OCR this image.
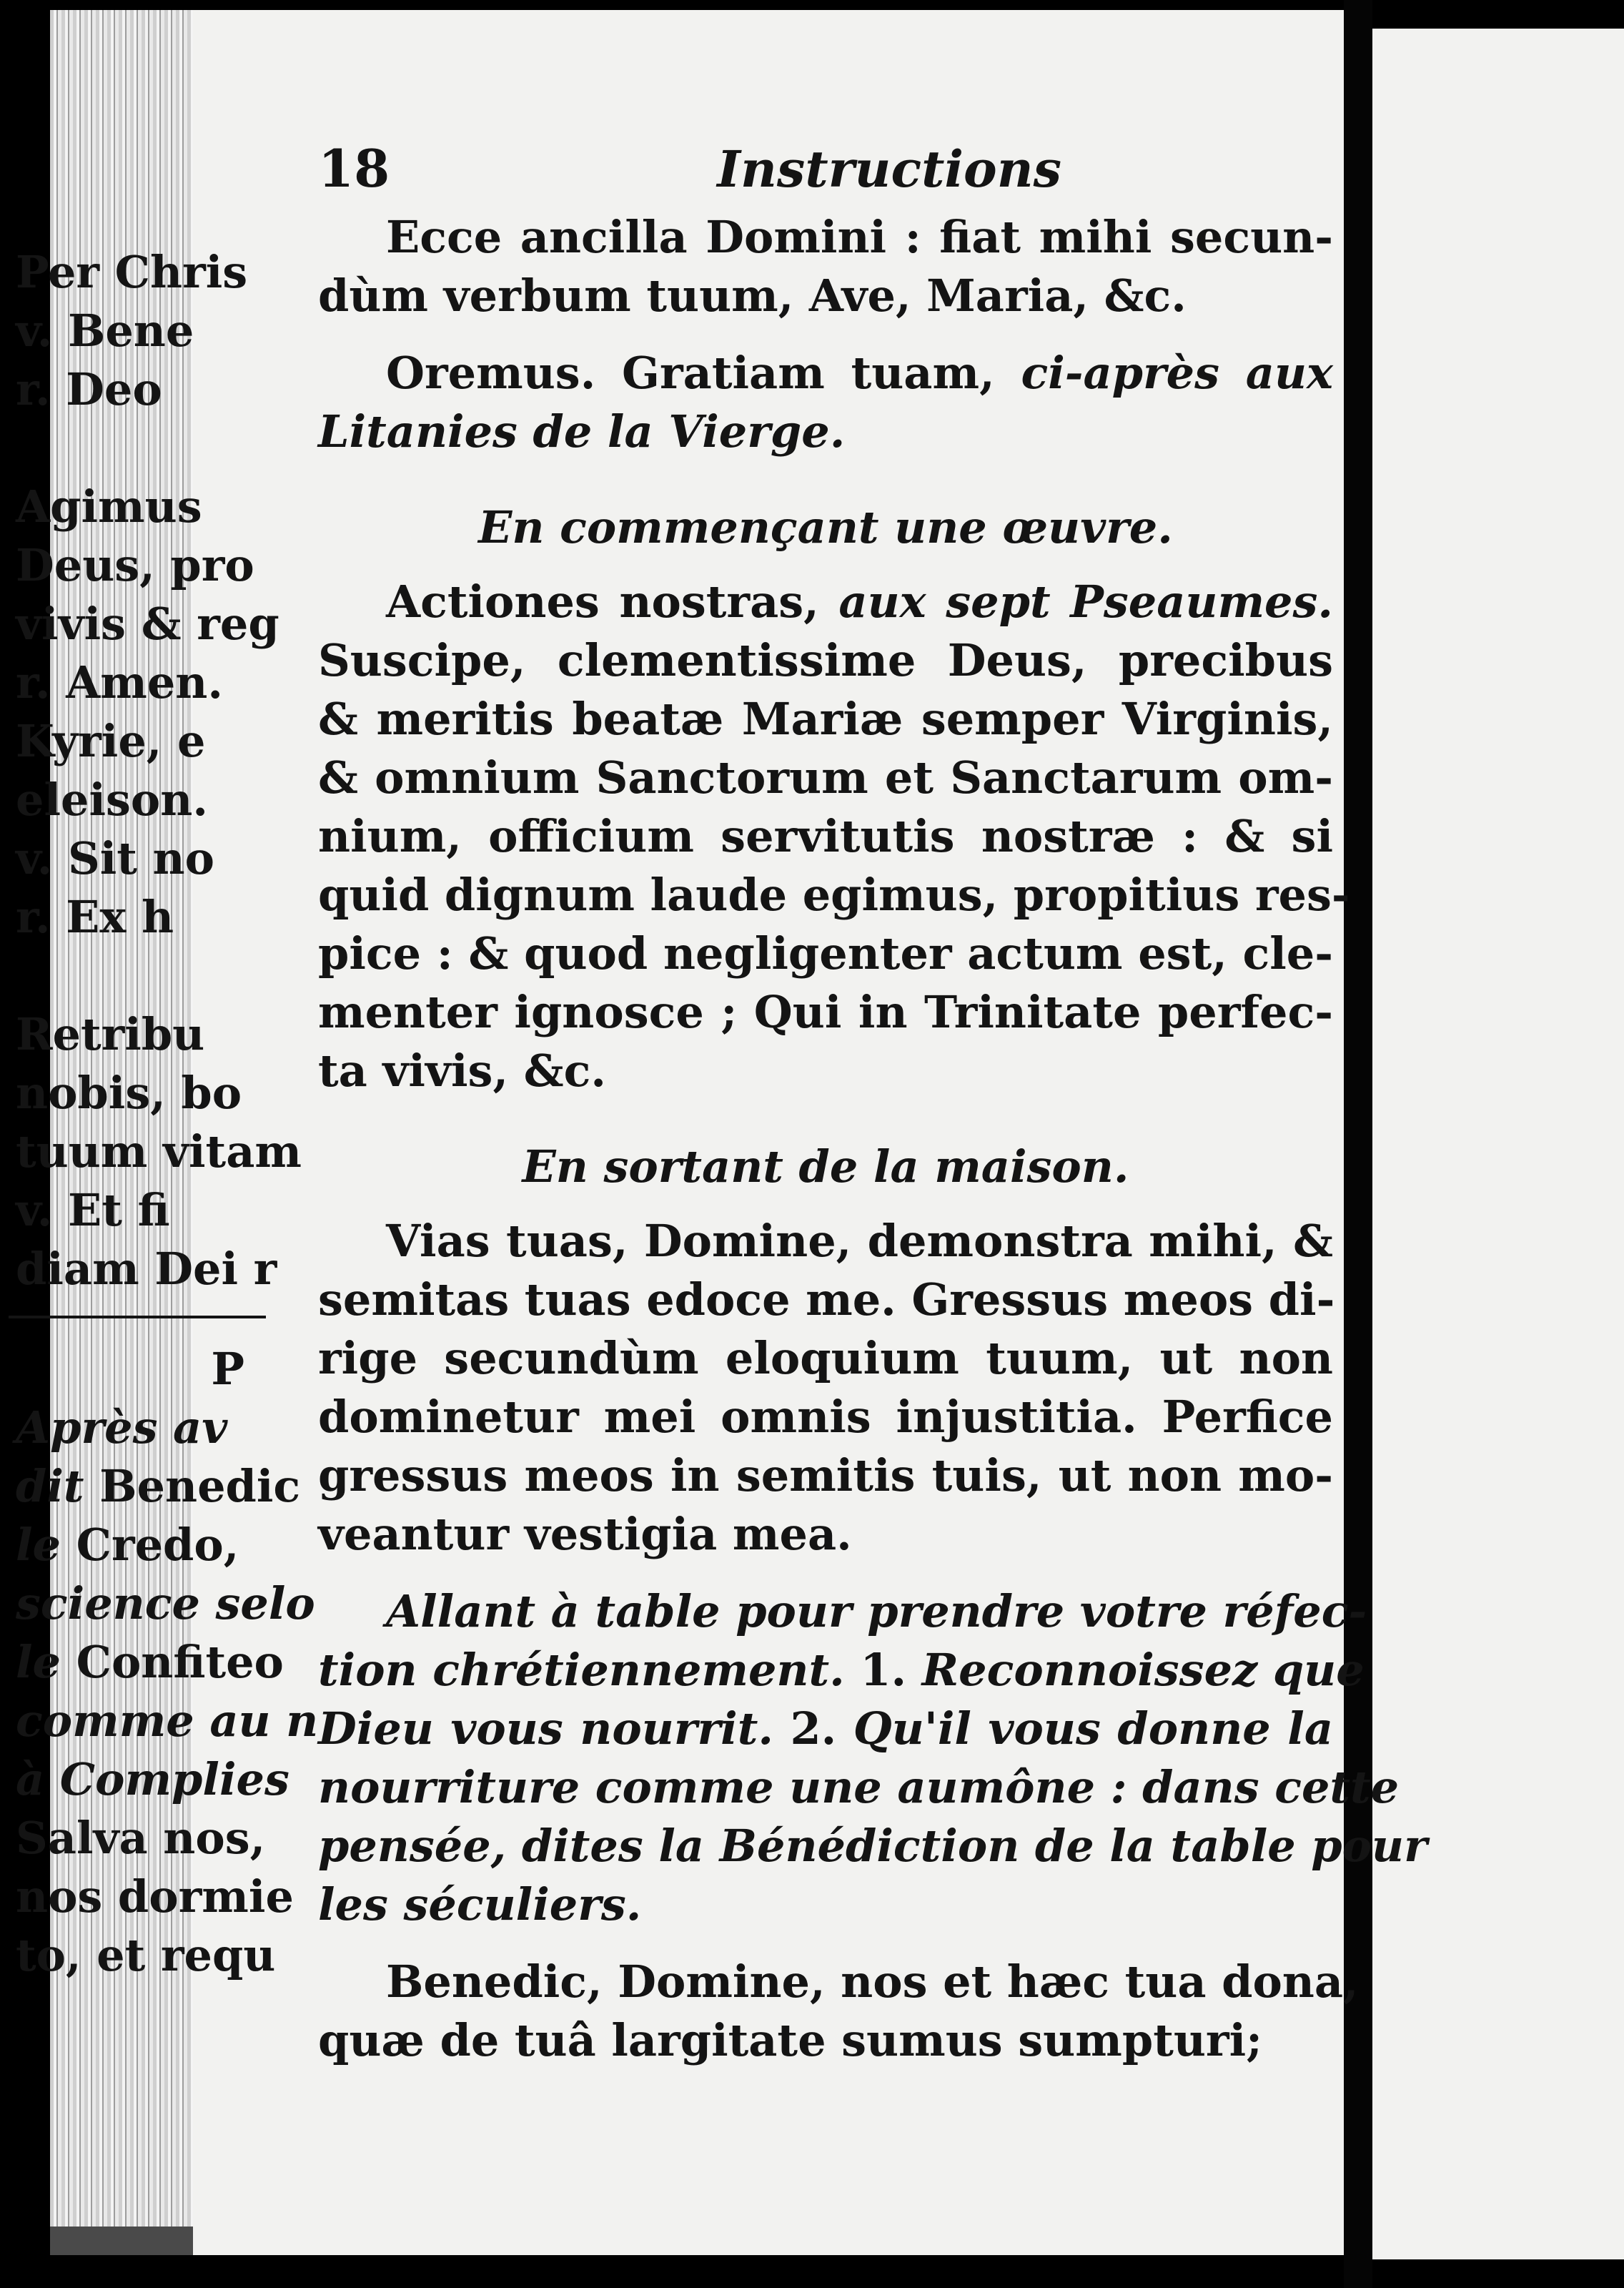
18	Instructions
Ecce ancilla Domini : fiat mihi secun-
dùm verbum tuum, Ave, Maria, &c.
Oremus. Gratiam tuam, ci-après aux
Litanies de la Vierge.
En commençant une œuvre.
Actiones nostras, aux sept Pseaumes.
Suscipe, clementissime Deus, precibus
& meritis beatæ Mariæ semper Virginis,
& omnium Sanctorum et Sanctarum om-
nium, officium servitutis nostræ : & si
quid dignum laude egimus, propitius res-
pice : & quod negligenter actum est, cle-
menter ignosce ; Qui in Trinitate perfec-
ta vivis, &c.
En sortant de la maison.
Vias tuas, Domine, demonstra mihi, &
semitas tuas edoce me. Gressus meos di-
rige secundùm eloquium tuum, ut non
dominetur mei omnis injustitia. Perfice
gressus meos in semitis tuis, ut non mo-
veantur vestigia mea.
Allant à table pour prendre votre réfec-
tion chrétiennement. 1. Reconnoissez que
Dieu vous nourrit. 2. Qu'il vous donne la
nourriture comme une aumône : dans cette
pensée, dites la Bénédiction de la table pour
les séculiers.
Benedic, Domine, nos et hæc tua dona,
quæ de tuâ largitate sumus sumpturi;
Per Chris
v. Bene
r. Deo

Agimus
Deus, pro
vivis & reg
r. Amen.
Kyrie, e
eleison.
v. Sit no
r. Ex h

Retribu
nobis, bo
tuum vitam
v. Et fi
diam Dei r
P
Après av
dit Benedic
le Credo,
science selo
le Confiteo
comme au n
à Complies
Salva nos,
nos dormie
to, et requ
